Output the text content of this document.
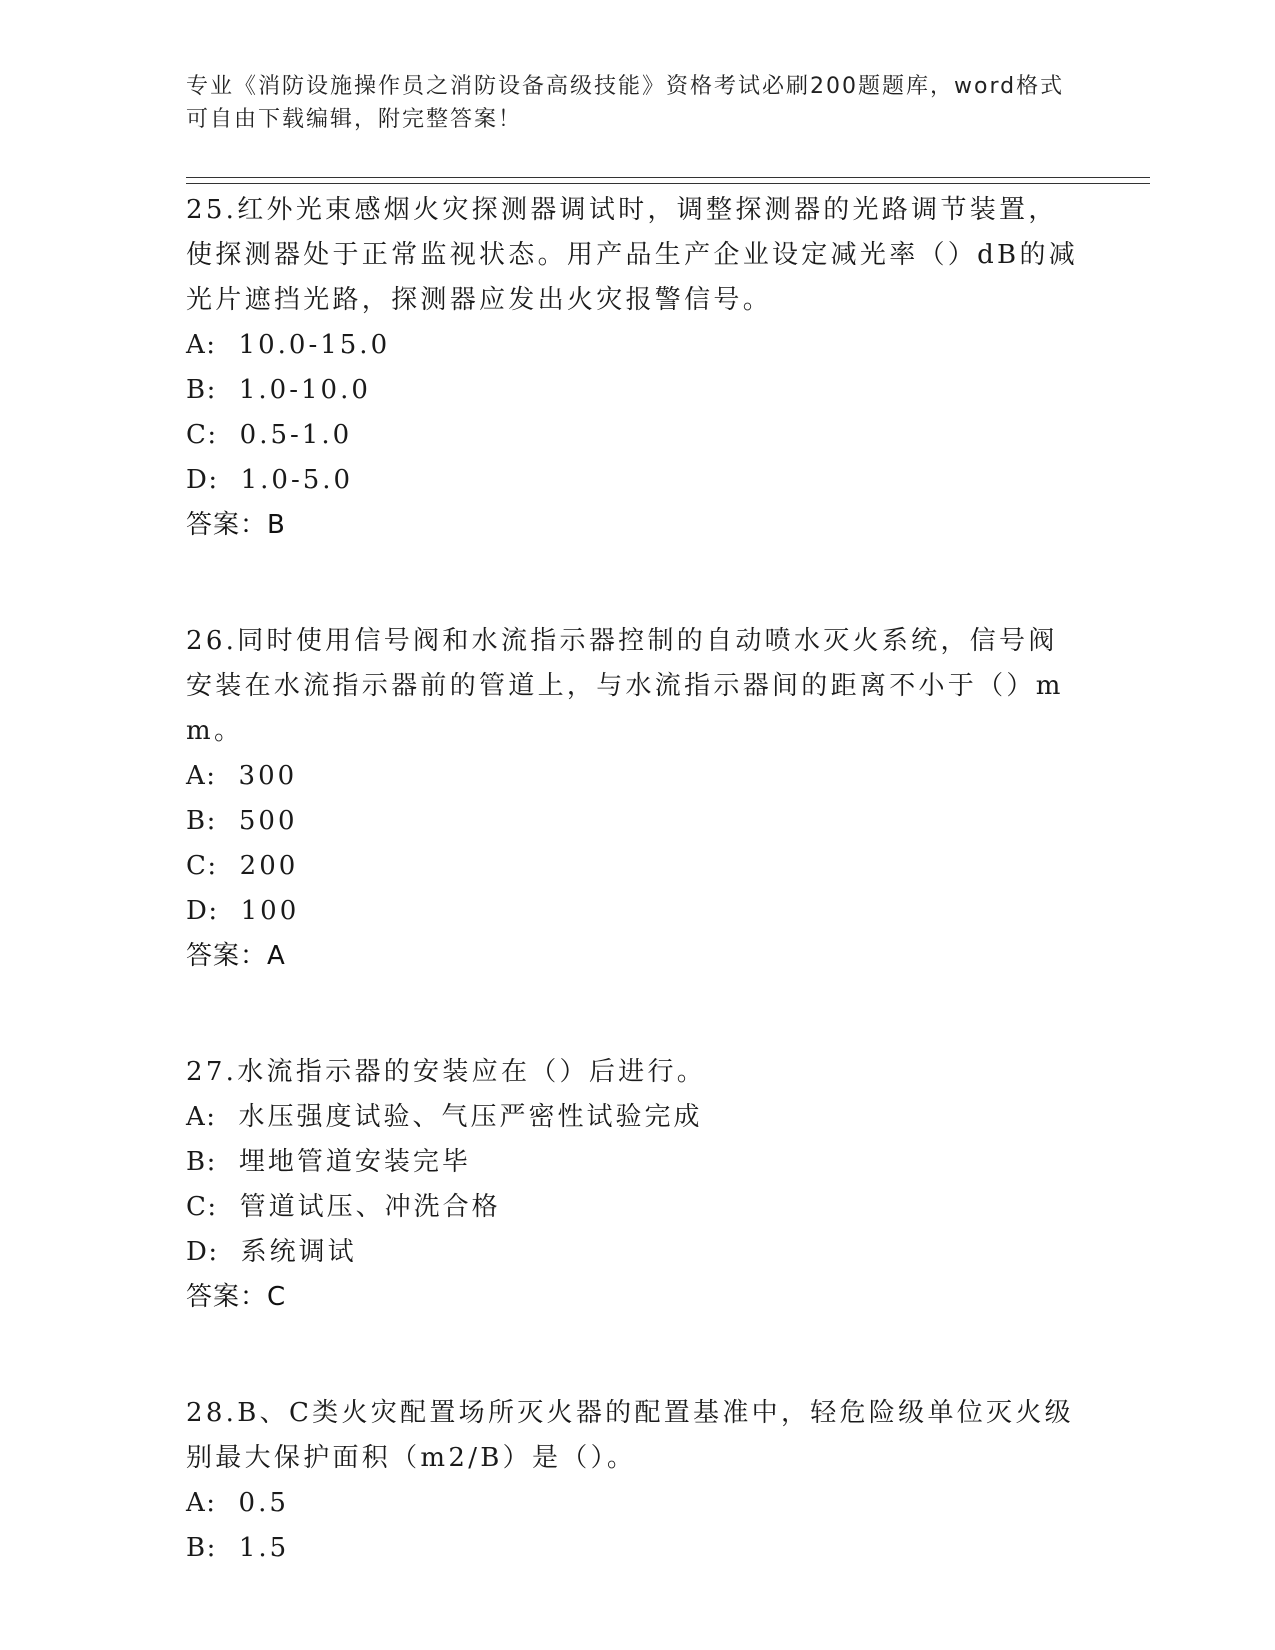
专业《消防设施操作员之消防设备高级技能》资格考试必刷200题题库，word格式可自由下载编辑，附完整答案！

25.红外光束感烟火灾探测器调试时，调整探测器的光路调节装置，使探测器处于正常监视状态。用产品生产企业设定减光率（）dB的减光片遮挡光路，探测器应发出火灾报警信号。

A: 10.0-15.0

B: 1.0-10.0

C: 0.5-1.0

D: 1.0-5.0

答案：B

26.同时使用信号阀和水流指示器控制的自动喷水灭火系统，信号阀安装在水流指示器前的管道上，与水流指示器间的距离不小于（）mm。

A: 300

B: 500

C: 200

D: 100

答案：A

27.水流指示器的安装应在（）后进行。

A: 水压强度试验、气压严密性试验完成

B: 埋地管道安装完毕

C: 管道试压、冲洗合格

D: 系统调试

答案：C

28.B、C类火灾配置场所灭火器的配置基准中，轻危险级单位灭火级别最大保护面积（m2/B）是（）。

A: 0.5

B: 1.5
